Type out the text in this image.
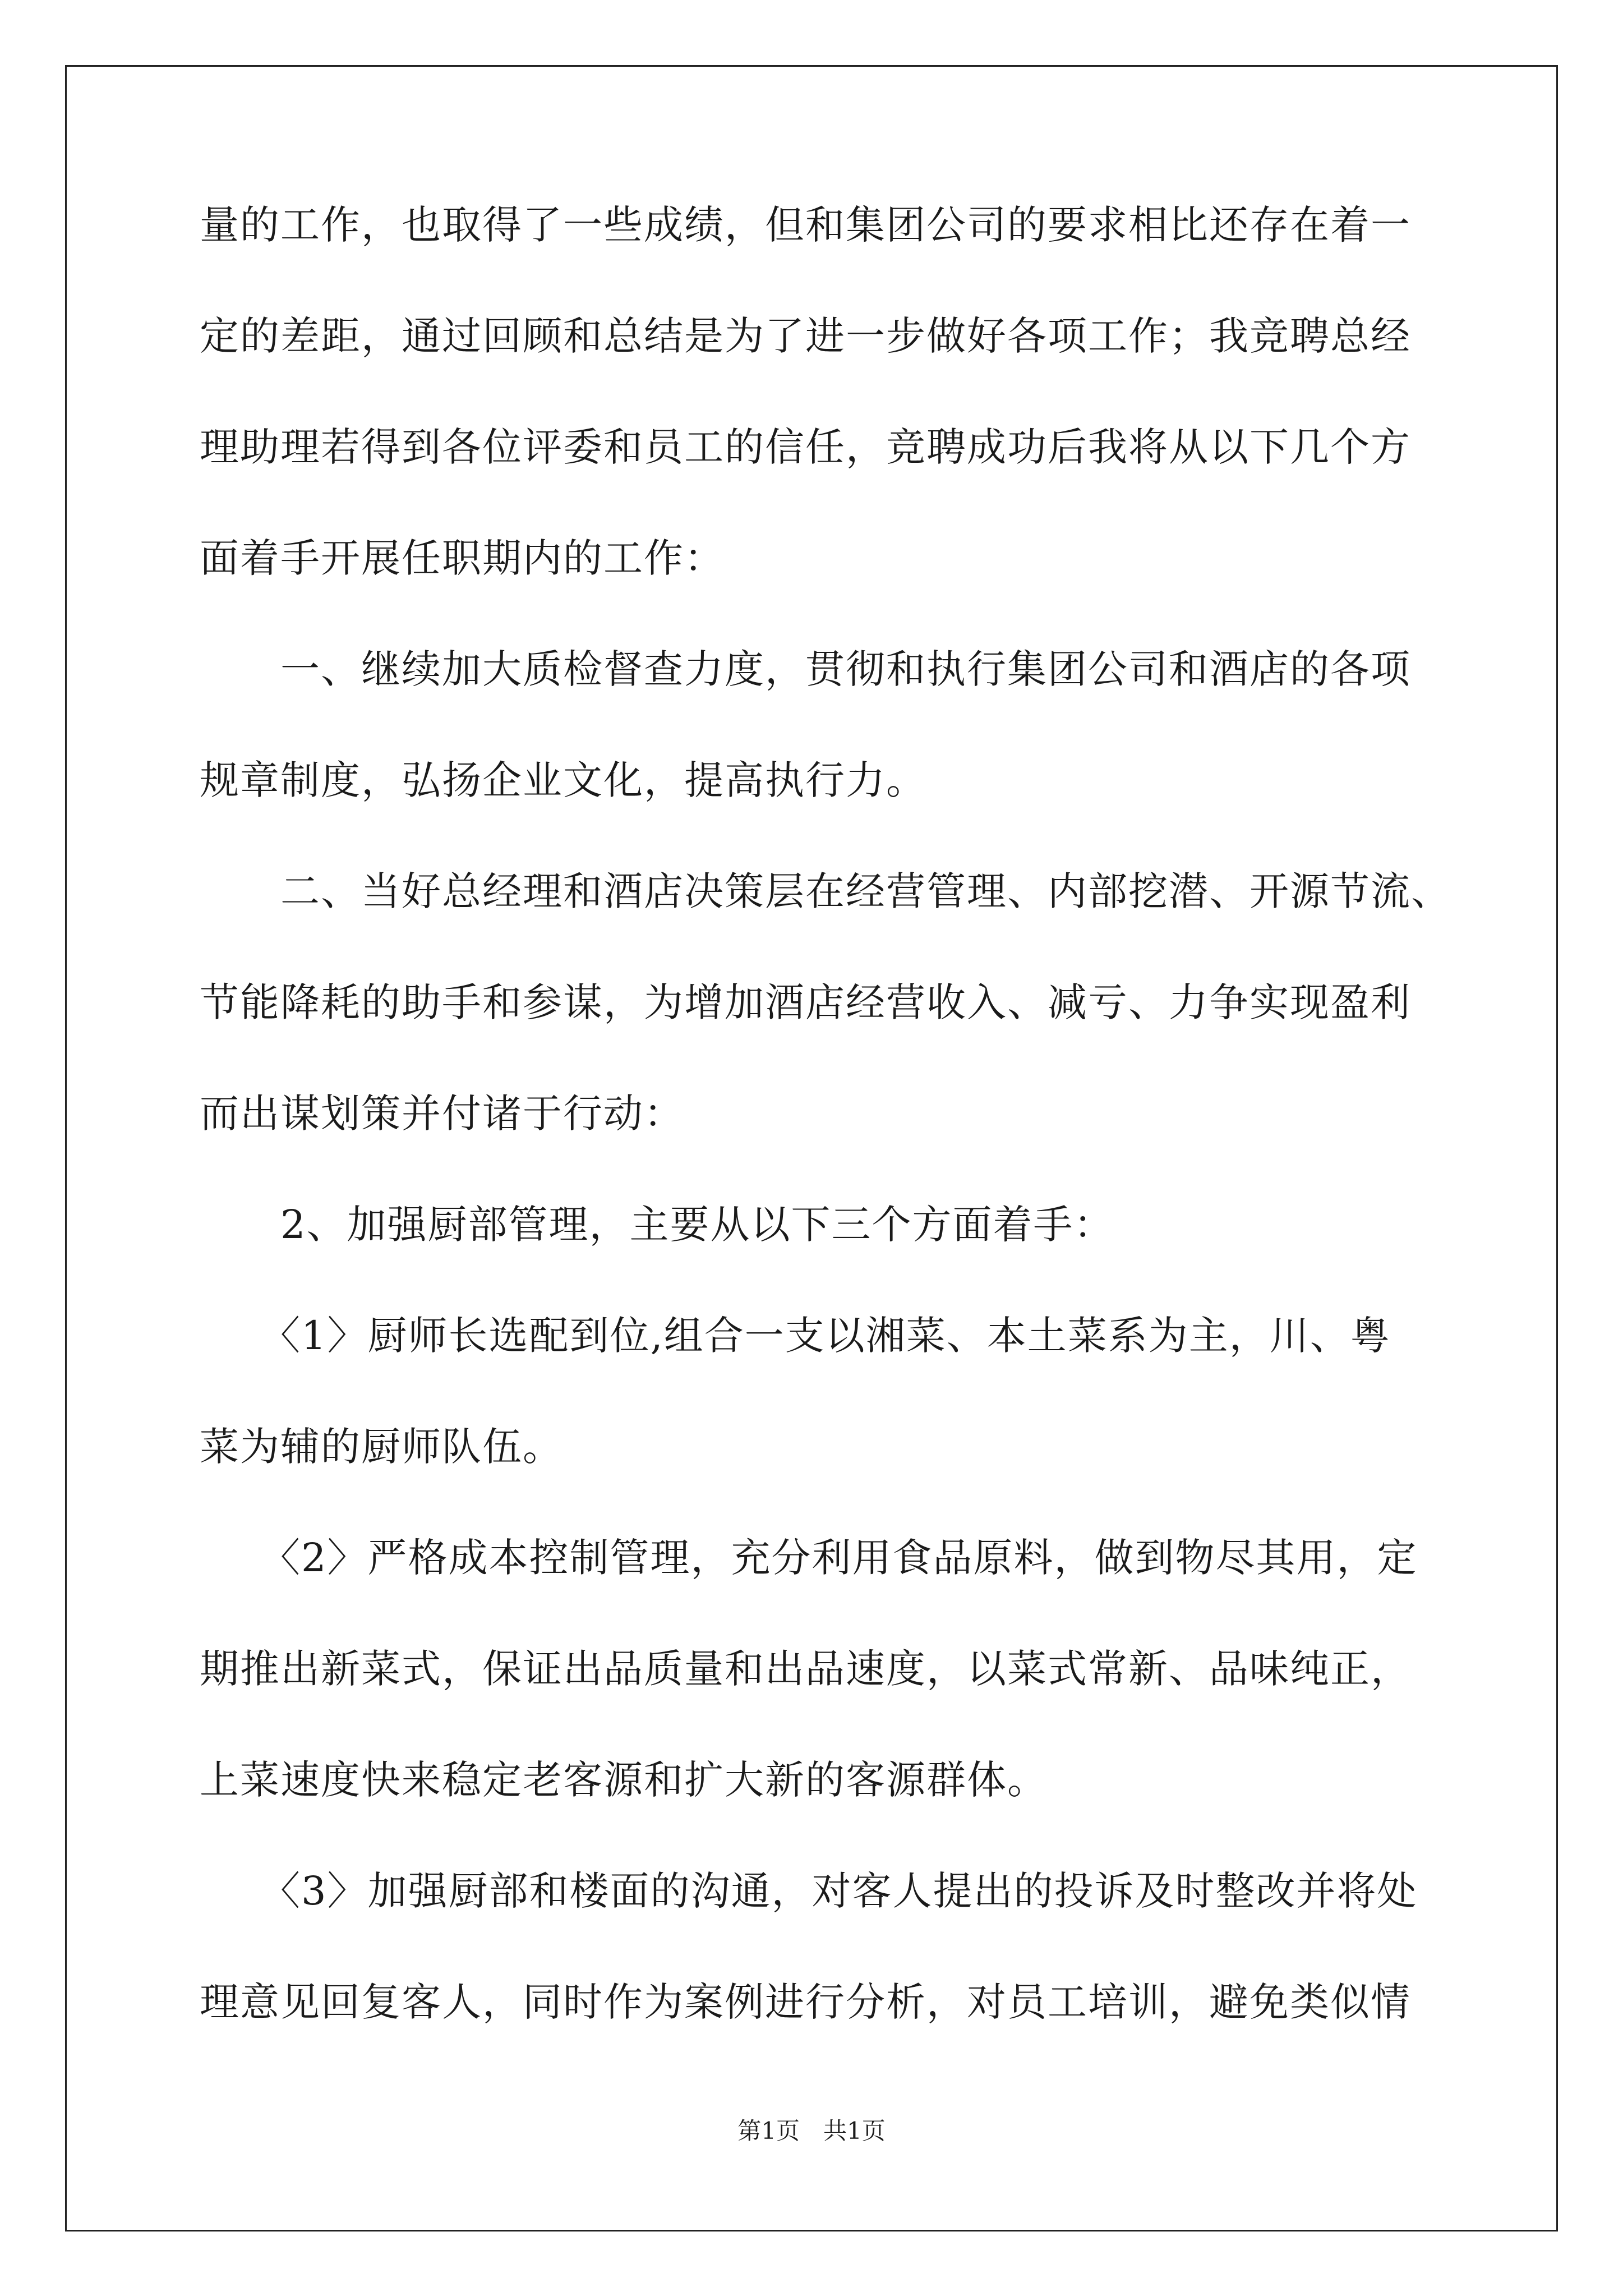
量的工作，也取得了一些成绩，但和集团公司的要求相比还存在着一

定的差距，通过回顾和总结是为了进一步做好各项工作；我竞聘总经

理助理若得到各位评委和员工的信任，竞聘成功后我将从以下几个方

面着手开展任职期内的工作：

　　一、继续加大质检督查力度，贯彻和执行集团公司和酒店的各项

规章制度，弘扬企业文化，提高执行力。

　　二、当好总经理和酒店决策层在经营管理、内部挖潜、开源节流、

节能降耗的助手和参谋，为增加酒店经营收入、减亏、力争实现盈利

而出谋划策并付诸于行动：

　　2、加强厨部管理，主要从以下三个方面着手：

　　〈1〉厨师长选配到位,组合一支以湘菜、本土菜系为主，川、粤

菜为辅的厨师队伍。

　　〈2〉严格成本控制管理，充分利用食品原料，做到物尽其用，定

期推出新菜式，保证出品质量和出品速度，以菜式常新、品味纯正，

上菜速度快来稳定老客源和扩大新的客源群体。

　　〈3〉加强厨部和楼面的沟通，对客人提出的投诉及时整改并将处

理意见回复客人，同时作为案例进行分析，对员工培训，避免类似情

第1页　共1页
